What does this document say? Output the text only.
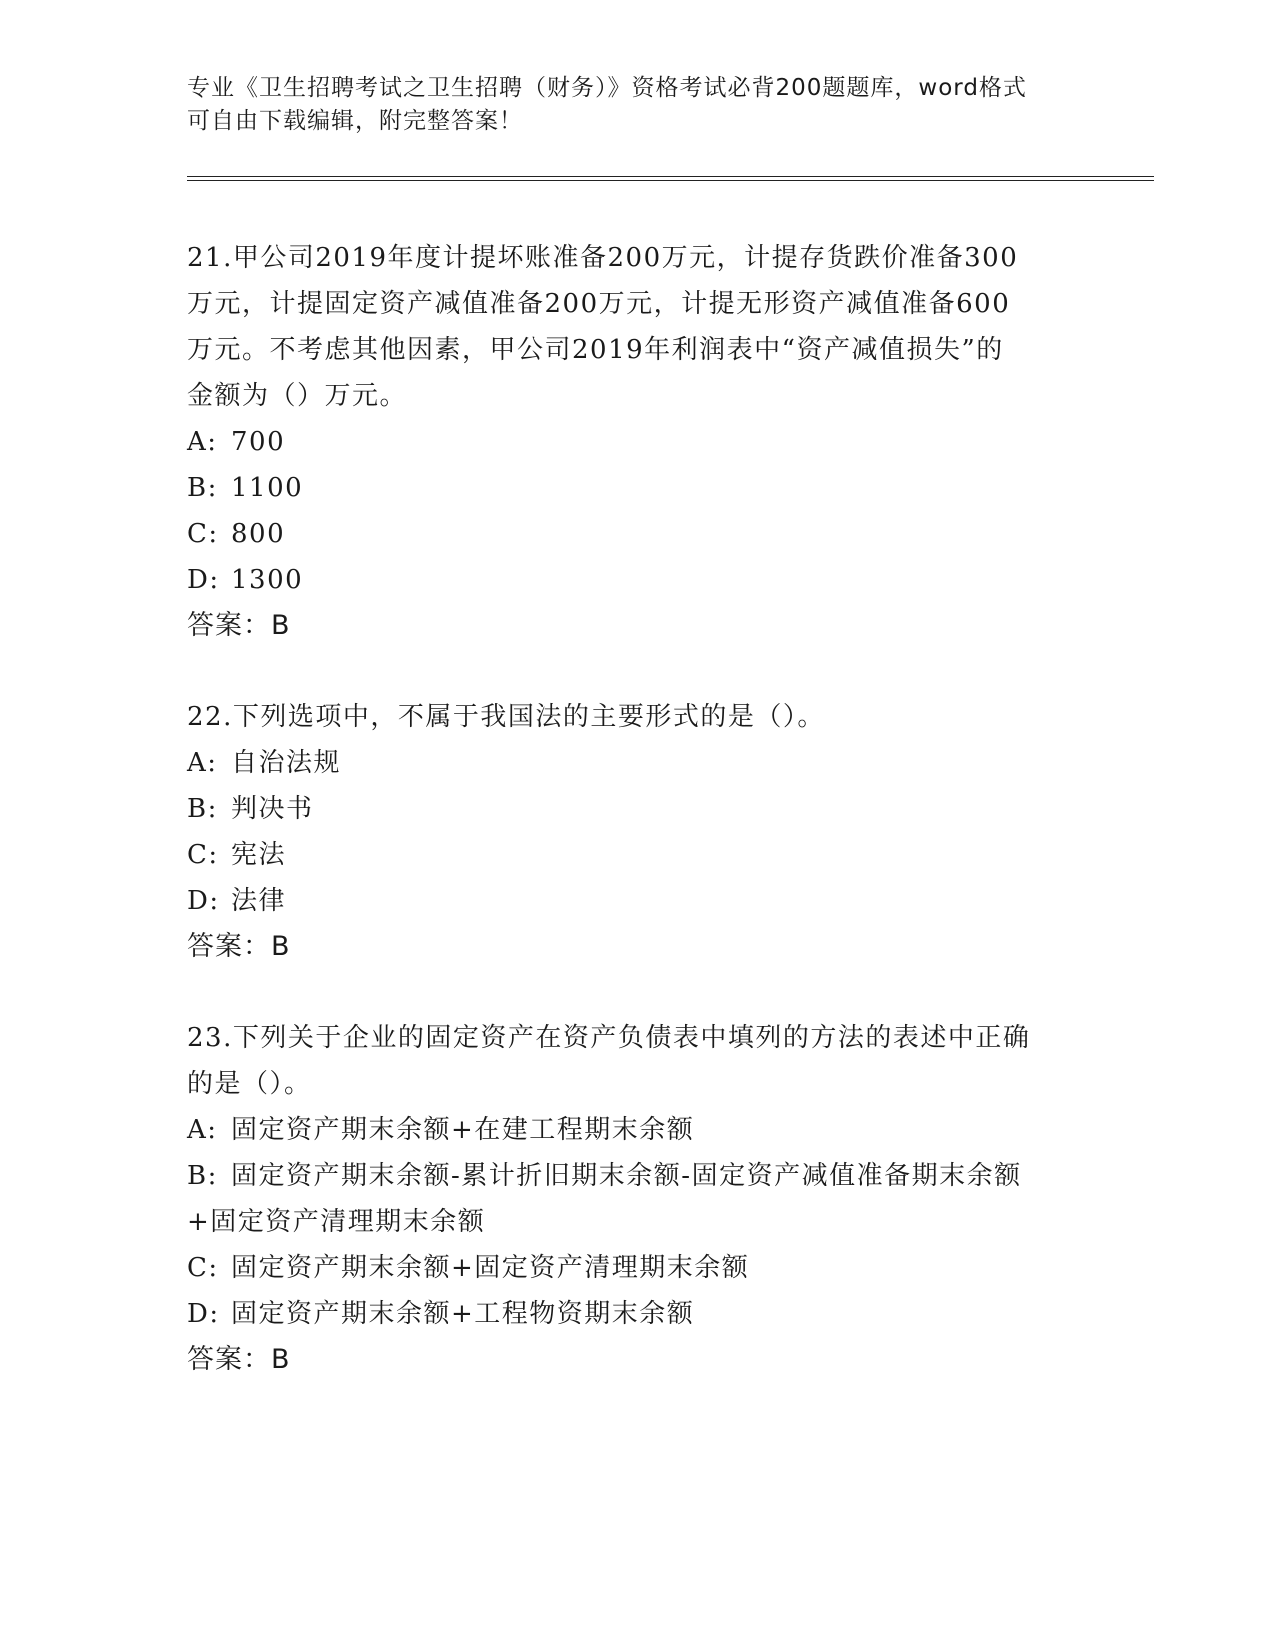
专业《卫生招聘考试之卫生招聘（财务）》资格考试必背200题题库，word格式
可自由下载编辑，附完整答案！

21.甲公司2019年度计提坏账准备200万元，计提存货跌价准备300

万元，计提固定资产减值准备200万元，计提无形资产减值准备600

万元。不考虑其他因素，甲公司2019年利润表中“资产减值损失”的

金额为（）万元。

A: 700
B: 1100
C: 800
D: 1300

答案：B

22.下列选项中，不属于我国法的主要形式的是（）。

A: 自治法规
B: 判决书
C: 宪法
D: 法律

答案：B

23.下列关于企业的固定资产在资产负债表中填列的方法的表述中正确

的是（）。

A: 固定资产期末余额+在建工程期末余额
B: 固定资产期末余额-累计折旧期末余额-固定资产减值准备期末余额

+固定资产清理期末余额

C: 固定资产期末余额+固定资产清理期末余额
D: 固定资产期末余额+工程物资期末余额

答案：B
